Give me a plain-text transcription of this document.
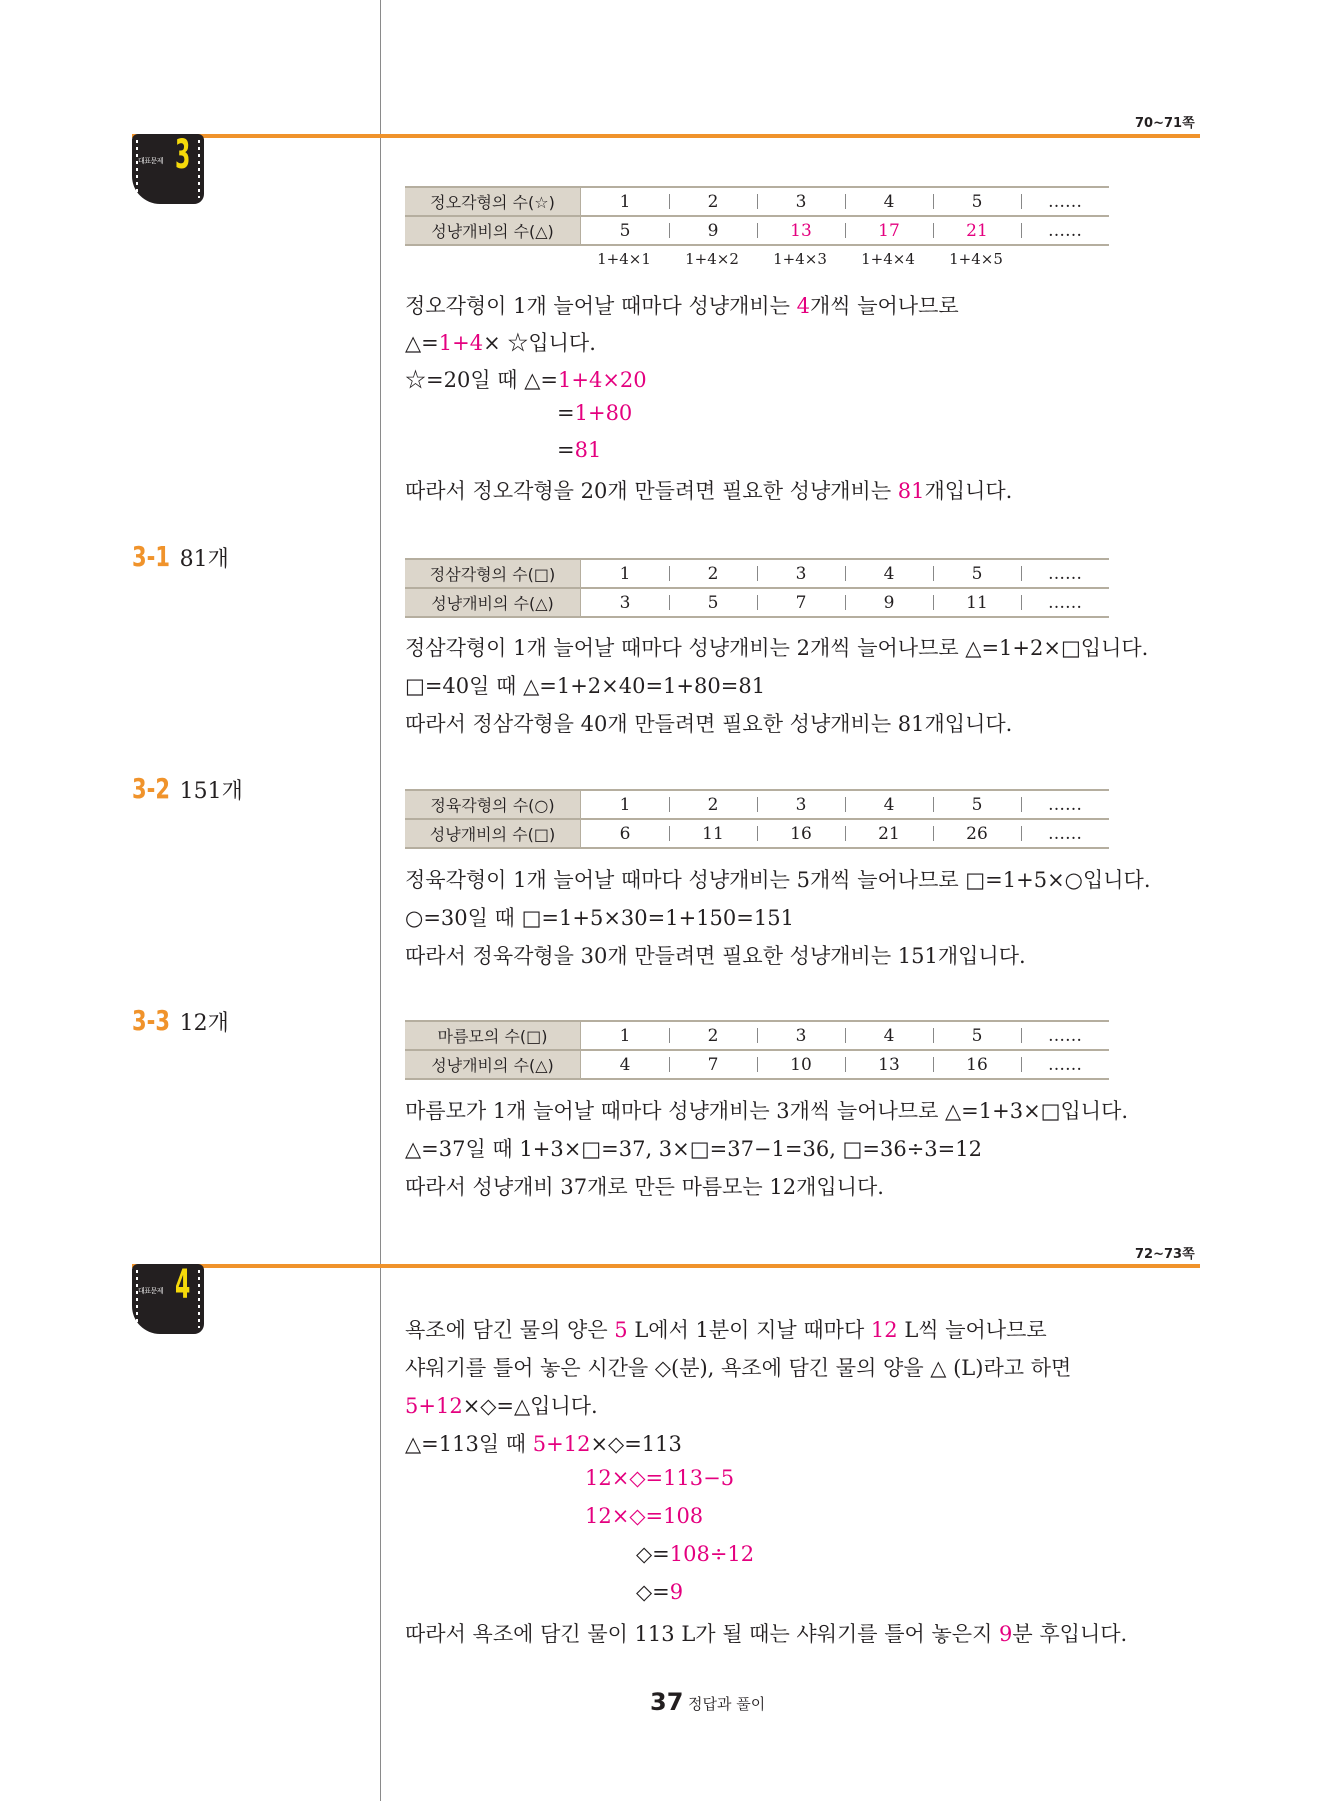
70~71쪽
대표문제 3
정오각형의 수(☆)	1	2	3	4	5	……
성냥개비의 수(△)	5	9	13	17	21	……
1+4×1	1+4×2	1+4×3	1+4×4	1+4×5
정오각형이 1개 늘어날 때마다 성냥개비는 4개씩 늘어나므로
△=1+4× ☆입니다.
☆=20일 때 △=1+4×20
=1+80
=81
따라서 정오각형을 20개 만들려면 필요한 성냥개비는 81개입니다.
3-1 81개
정삼각형의 수(□)	1	2	3	4	5	……
성냥개비의 수(△)	3	5	7	9	11	……
정삼각형이 1개 늘어날 때마다 성냥개비는 2개씩 늘어나므로 △=1+2×□입니다.
□=40일 때 △=1+2×40=1+80=81
따라서 정삼각형을 40개 만들려면 필요한 성냥개비는 81개입니다.
3-2 151개
정육각형의 수(○)	1	2	3	4	5	……
성냥개비의 수(□)	6	11	16	21	26	……
정육각형이 1개 늘어날 때마다 성냥개비는 5개씩 늘어나므로 □=1+5×○입니다.
○=30일 때 □=1+5×30=1+150=151
따라서 정육각형을 30개 만들려면 필요한 성냥개비는 151개입니다.
3-3 12개
마름모의 수(□)	1	2	3	4	5	……
성냥개비의 수(△)	4	7	10	13	16	……
마름모가 1개 늘어날 때마다 성냥개비는 3개씩 늘어나므로 △=1+3×□입니다.
△=37일 때 1+3×□=37, 3×□=37−1=36, □=36÷3=12
따라서 성냥개비 37개로 만든 마름모는 12개입니다.
72~73쪽
대표문제 4
욕조에 담긴 물의 양은 5 L에서 1분이 지날 때마다 12 L씩 늘어나므로
샤워기를 틀어 놓은 시간을 ◇(분), 욕조에 담긴 물의 양을 △ (L)라고 하면
5+12×◇=△입니다.
△=113일 때 5+12×◇=113
12×◇=113−5
12×◇=108
◇=108÷12
◇=9
따라서 욕조에 담긴 물이 113 L가 될 때는 샤워기를 틀어 놓은지 9분 후입니다.
37 정답과 풀이
